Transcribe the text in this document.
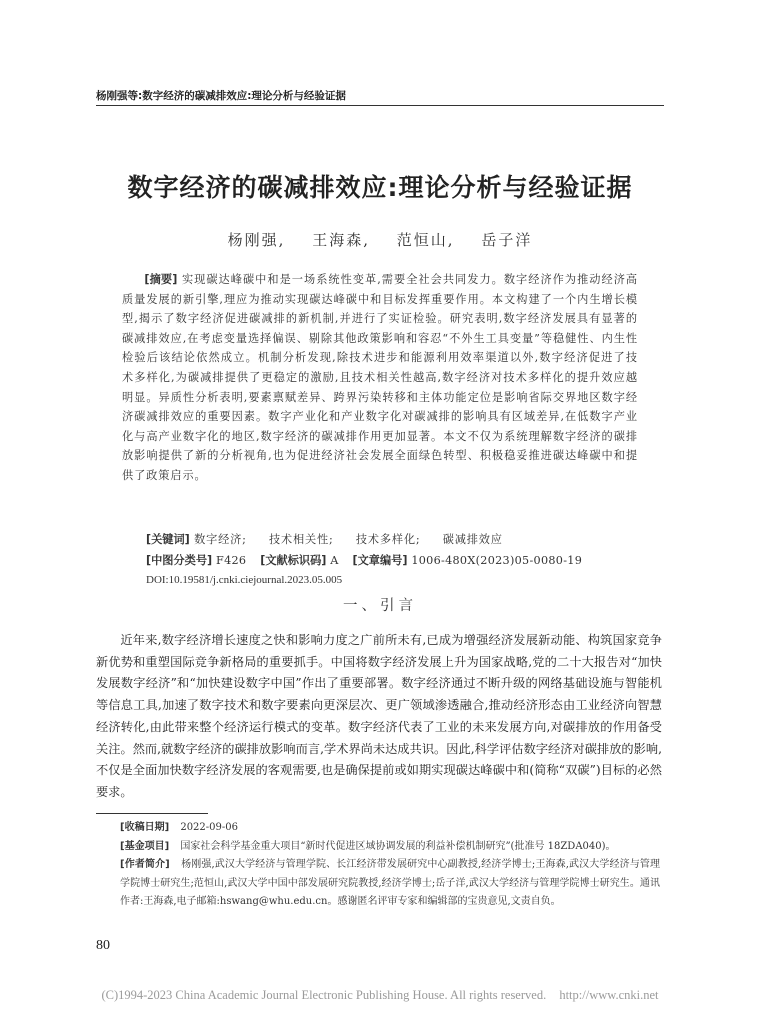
杨刚强等:数字经济的碳减排效应:理论分析与经验证据
数字经济的碳减排效应:理论分析与经验证据
杨刚强, 王海森, 范恒山, 岳子洋
[摘要] 实现碳达峰碳中和是一场系统性变革,需要全社会共同发力。数字经济作为推动经济高质量发展的新引擎,理应为推动实现碳达峰碳中和目标发挥重要作用。本文构建了一个内生增长模型,揭示了数字经济促进碳减排的新机制,并进行了实证检验。研究表明,数字经济发展具有显著的碳减排效应,在考虑变量选择偏误、剔除其他政策影响和容忍“不外生工具变量”等稳健性、内生性检验后该结论依然成立。机制分析发现,除技术进步和能源利用效率渠道以外,数字经济促进了技术多样化,为碳减排提供了更稳定的激励,且技术相关性越高,数字经济对技术多样化的提升效应越明显。异质性分析表明,要素禀赋差异、跨界污染转移和主体功能定位是影响省际交界地区数字经济碳减排效应的重要因素。数字产业化和产业数字化对碳减排的影响具有区域差异,在低数字产业化与高产业数字化的地区,数字经济的碳减排作用更加显著。本文不仅为系统理解数字经济的碳排放影响提供了新的分析视角,也为促进经济社会发展全面绿色转型、积极稳妥推进碳达峰碳中和提供了政策启示。
[关键词] 数字经济; 技术相关性; 技术多样化; 碳减排效应
[中图分类号] F426 [文献标识码] A [文章编号] 1006-480X(2023)05-0080-19
DOI:10.19581/j.cnki.ciejournal.2023.05.005
一、引言
近年来,数字经济增长速度之快和影响力度之广前所未有,已成为增强经济发展新动能、构筑国家竞争新优势和重塑国际竞争新格局的重要抓手。中国将数字经济发展上升为国家战略,党的二十大报告对“加快发展数字经济”和“加快建设数字中国”作出了重要部署。数字经济通过不断升级的网络基础设施与智能机等信息工具,加速了数字技术和数字要素向更深层次、更广领域渗透融合,推动经济形态由工业经济向智慧经济转化,由此带来整个经济运行模式的变革。数字经济代表了工业的未来发展方向,对碳排放的作用备受关注。然而,就数字经济的碳排放影响而言,学术界尚未达成共识。因此,科学评估数字经济对碳排放的影响,不仅是全面加快数字经济发展的客观需要,也是确保提前或如期实现碳达峰碳中和(简称“双碳”)目标的必然要求。

[收稿日期] 2022-09-06

[基金项目] 国家社会科学基金重大项目“新时代促进区域协调发展的利益补偿机制研究”(批准号 18ZDA040)。

[作者简介] 杨刚强,武汉大学经济与管理学院、长江经济带发展研究中心副教授,经济学博士;王海森,武汉大学经济与管理学院博士研究生;范恒山,武汉大学中国中部发展研究院教授,经济学博士;岳子洋,武汉大学经济与管理学院博士研究生。通讯作者:王海森,电子邮箱:hswang@whu.edu.cn。感谢匿名评审专家和编辑部的宝贵意见,文责自负。

80
(C)1994-2023 China Academic Journal Electronic Publishing House. All rights reserved. http://www.cnki.net
